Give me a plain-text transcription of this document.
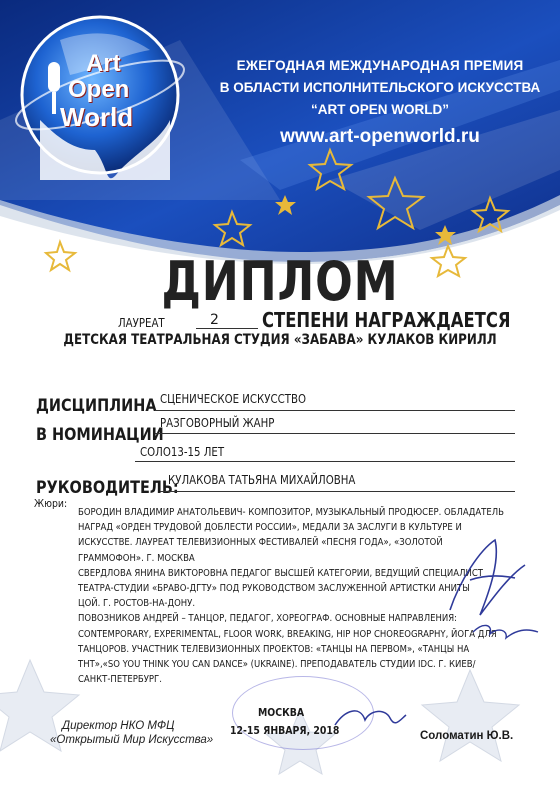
Art
Open
World
ЕЖЕГОДНАЯ МЕЖДУНАРОДНАЯ ПРЕМИЯ
В ОБЛАСТИ ИСПОЛНИТЕЛЬСКОГО ИСКУССТВА
“ART OPEN WORLD”
www.art-openworld.ru
ДИПЛОМ
ЛАУРЕАТ	2 СТЕПЕНИ НАГРАЖДАЕТСЯ
ДЕТСКАЯ ТЕАТРАЛЬНАЯ СТУДИЯ «ЗАБАВА» КУЛАКОВ КИРИЛЛ
ДИСЦИПЛИНА СЦЕНИЧЕСКОЕ ИСКУССТВО
В НОМИНАЦИИ
РАЗГОВОРНЫЙ ЖАНР
СОЛО13-15 ЛЕТ
РУКОВОДИТЕЛЬ:
КУЛАКОВА ТАТЬЯНА МИХАЙЛОВНА
Жюри:
БОРОДИН ВЛАДИМИР АНАТОЛЬЕВИЧ- КОМПОЗИТОР, МУЗЫКАЛЬНЫЙ ПРОДЮСЕР. ОБЛАДАТЕЛЬ
НАГРАД «ОРДЕН ТРУДОВОЙ ДОБЛЕСТИ РОССИИ», МЕДАЛИ ЗА ЗАСЛУГИ В КУЛЬТУРЕ И
ИСКУССТВЕ. ЛАУРЕАТ ТЕЛЕВИЗИОННЫХ ФЕСТИВАЛЕЙ «ПЕСНЯ ГОДА», «ЗОЛОТОЙ
ГРАММОФОН». Г. МОСКВА
СВЕРДЛОВА ЯНИНА ВИКТОРОВНА ПЕДАГОГ ВЫСШЕЙ КАТЕГОРИИ, ВЕДУЩИЙ СПЕЦИАЛИСТ
ТЕАТРА-СТУДИИ «БРАВО-ДГТУ» ПОД РУКОВОДСТВОМ ЗАСЛУЖЕННОЙ АРТИСТКИ АНИТЫ
ЦОЙ. Г. РОСТОВ-НА-ДОНУ.
ПОВОЗНИКОВ АНДРЕЙ – ТАНЦОР, ПЕДАГОГ, ХОРЕОГРАФ. ОСНОВНЫЕ НАПРАВЛЕНИЯ:
CONTEMPORARY, EXPERIMENTAL, FLOOR WORK, BREAKING, HIP HOP CHOREOGRAPHY, ЙОГА ДЛЯ
ТАНЦОРОВ. УЧАСТНИК ТЕЛЕВИЗИОННЫХ ПРОЕКТОВ: «ТАНЦЫ НА ПЕРВОМ», «ТАНЦЫ НА
ТНТ»,«SO YOU THINK YOU CAN DANCE» (UKRAINE). ПРЕПОДАВАТЕЛЬ СТУДИИ IDC. Г. КИЕВ/
САНКТ-ПЕТЕРБУРГ.
Директор НКО МФЦ
«Открытый Мир Искусства»
МОСКВА
12-15 ЯНВАРЯ, 2018	Соломатин Ю.В.
